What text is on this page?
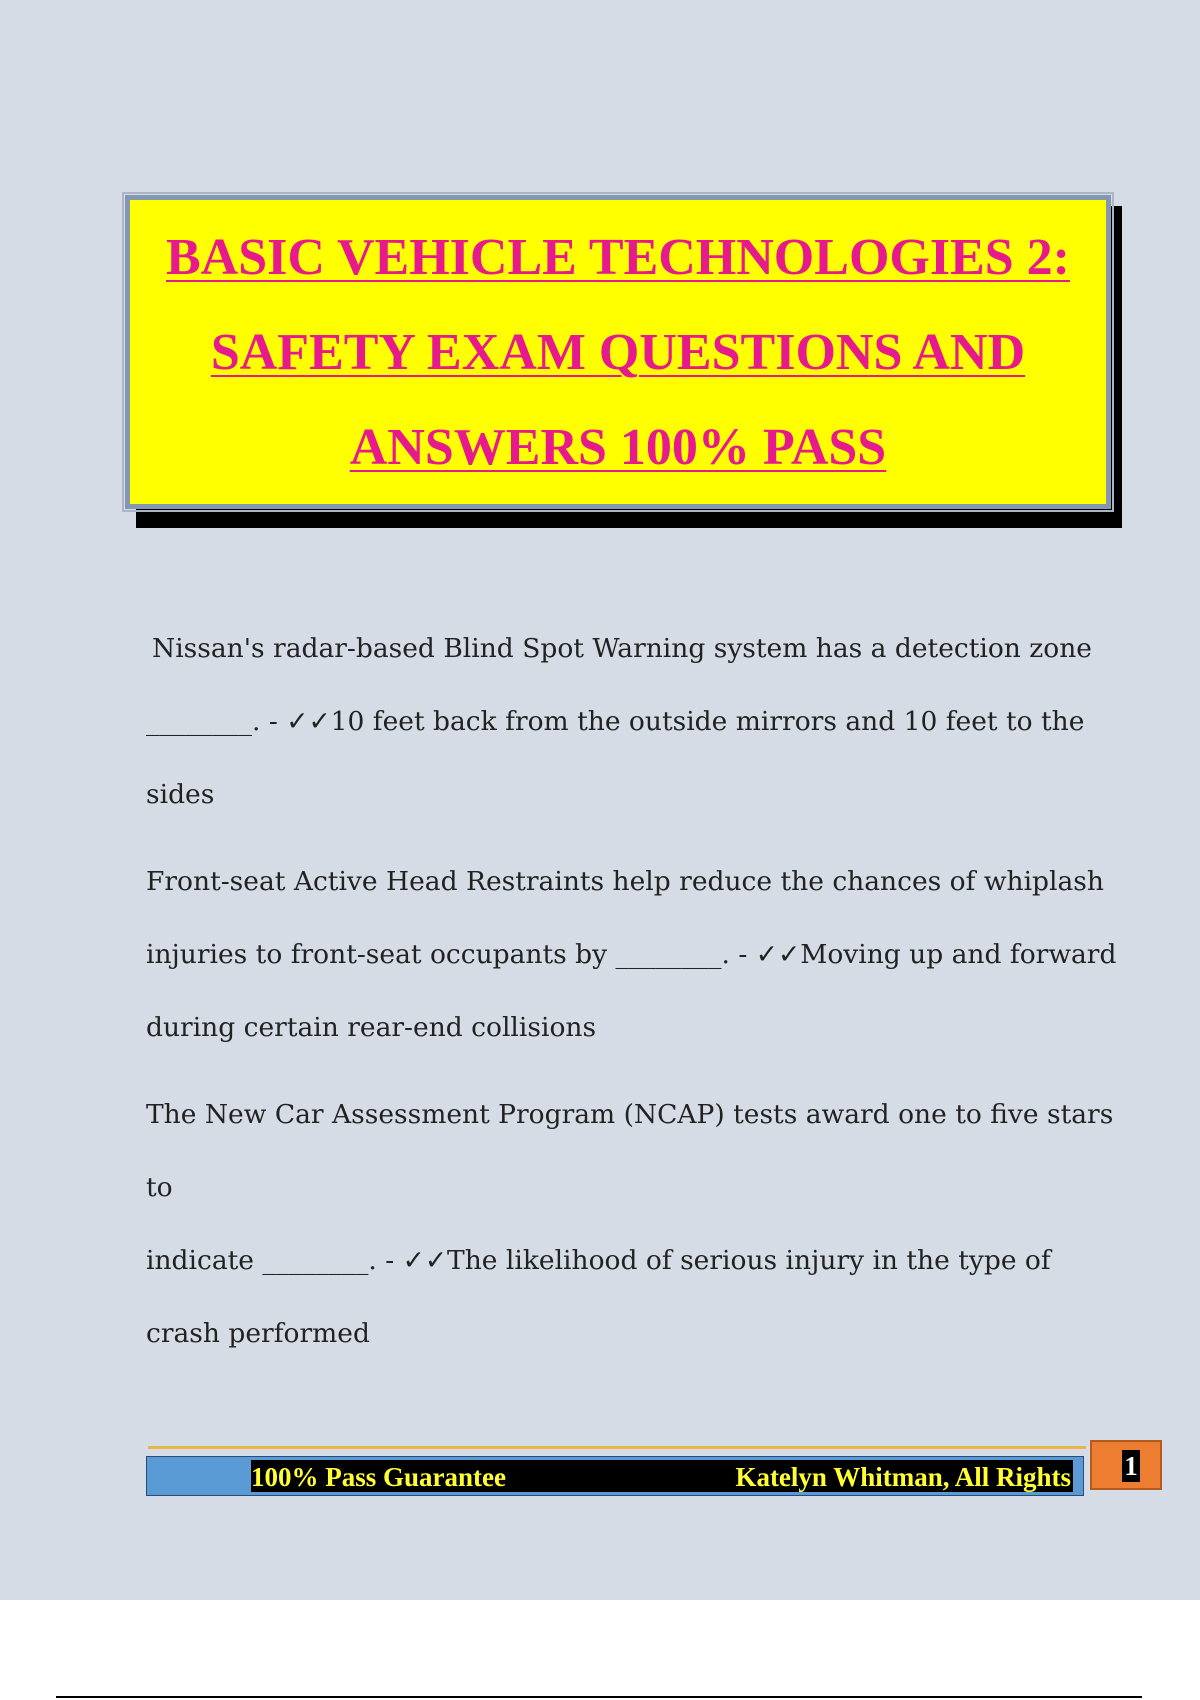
BASIC VEHICLE TECHNOLOGIES 2:
SAFETY EXAM QUESTIONS AND
ANSWERS 100% PASS

Nissan's radar-based Blind Spot Warning system has a detection zone
________. - ✓✓10 feet back from the outside mirrors and 10 feet to the sides

Front-seat Active Head Restraints help reduce the chances of whiplash
injuries to front-seat occupants by ________. - ✓✓Moving up and forward during certain rear-end collisions

The New Car Assessment Program (NCAP) tests award one to five stars to
indicate ________. - ✓✓The likelihood of serious injury in the type of crash performed

100% Pass Guarantee	Katelyn Whitman, All Rights 1
